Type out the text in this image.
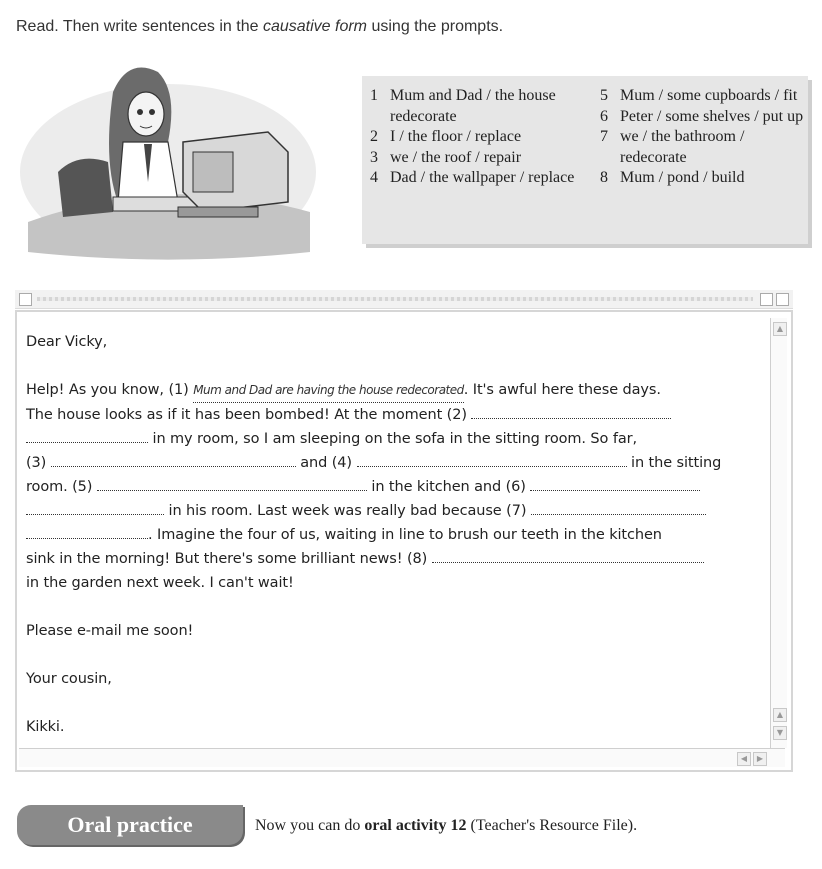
Read. Then write sentences in the causative form using the prompts.
1 Mum and Dad / the house redecorate
2 I / the floor / replace
3 we / the roof / repair
4 Dad / the wallpaper / replace
5 Mum / some cupboards / fit
6 Peter / some shelves / put up
7 we / the bathroom / redecorate
8 Mum / pond / build
▲
▲
▼
◀	▶

Dear Vicky,

Help! As you know, (1) Mum and Dad are having the house redecorated. It's awful here these days.

The house looks as if it has been bombed! At the moment (2)

in my room, so I am sleeping on the sofa in the sitting room. So far,

(3)	and (4)	in the sitting

room. (5)	in the kitchen and (6)

in his room. Last week was really bad because (7)

. Imagine the four of us, waiting in line to brush our teeth in the kitchen

sink in the morning! But there's some brilliant news! (8)

in the garden next week. I can't wait!

Please e-mail me soon!

Your cousin,

Kikki.

Oral practice	Now you can do oral activity 12 (Teacher's Resource File).
